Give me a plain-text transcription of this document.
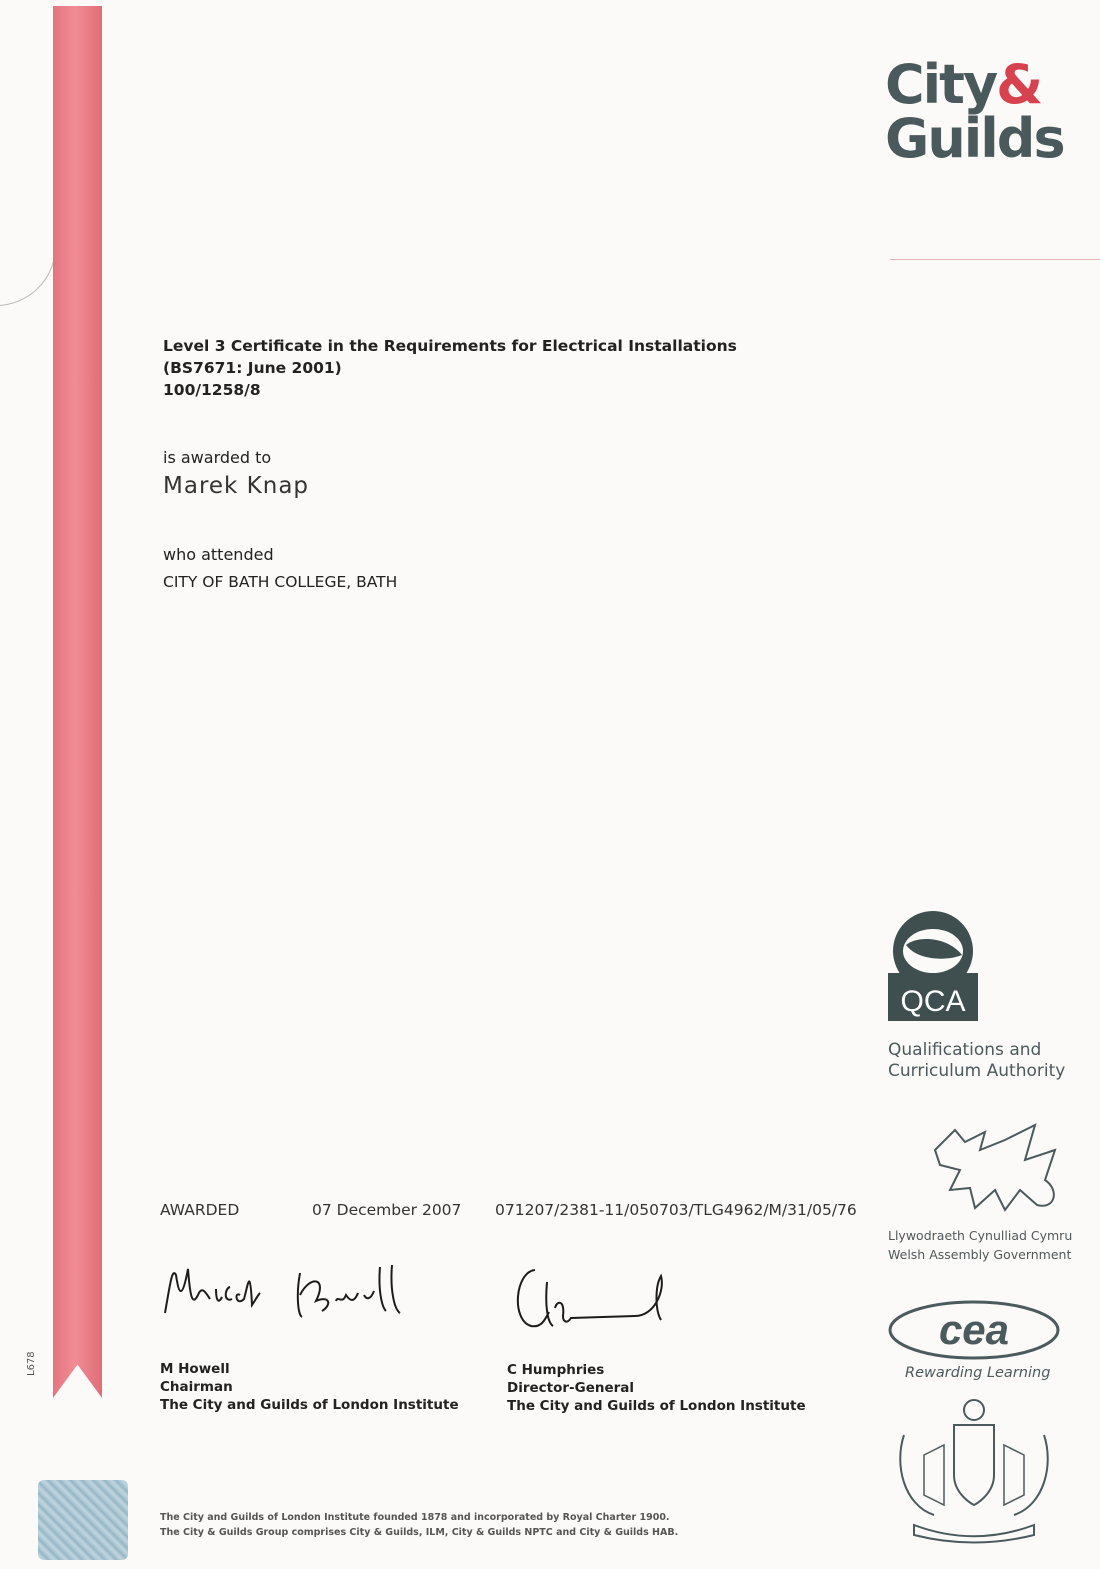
L678
City&
Guilds
Level 3 Certificate in the Requirements for Electrical Installations
(BS7671: June 2001)
100/1258/8
is awarded to
Marek Knap
who attended
CITY OF BATH COLLEGE, BATH
AWARDED	07 December 2007 071207/2381-11/050703/TLG4962/M/31/05/76
M Howell
Chairman
The City and Guilds of London Institute
C Humphries
Director-General
The City and Guilds of London Institute
The City and Guilds of London Institute founded 1878 and incorporated by Royal Charter 1900.
The City & Guilds Group comprises City & Guilds, ILM, City & Guilds NPTC and City & Guilds HAB.
QCA
Qualifications and
Curriculum Authority
Llywodraeth Cynulliad Cymru
Welsh Assembly Government
cea
Rewarding Learning
